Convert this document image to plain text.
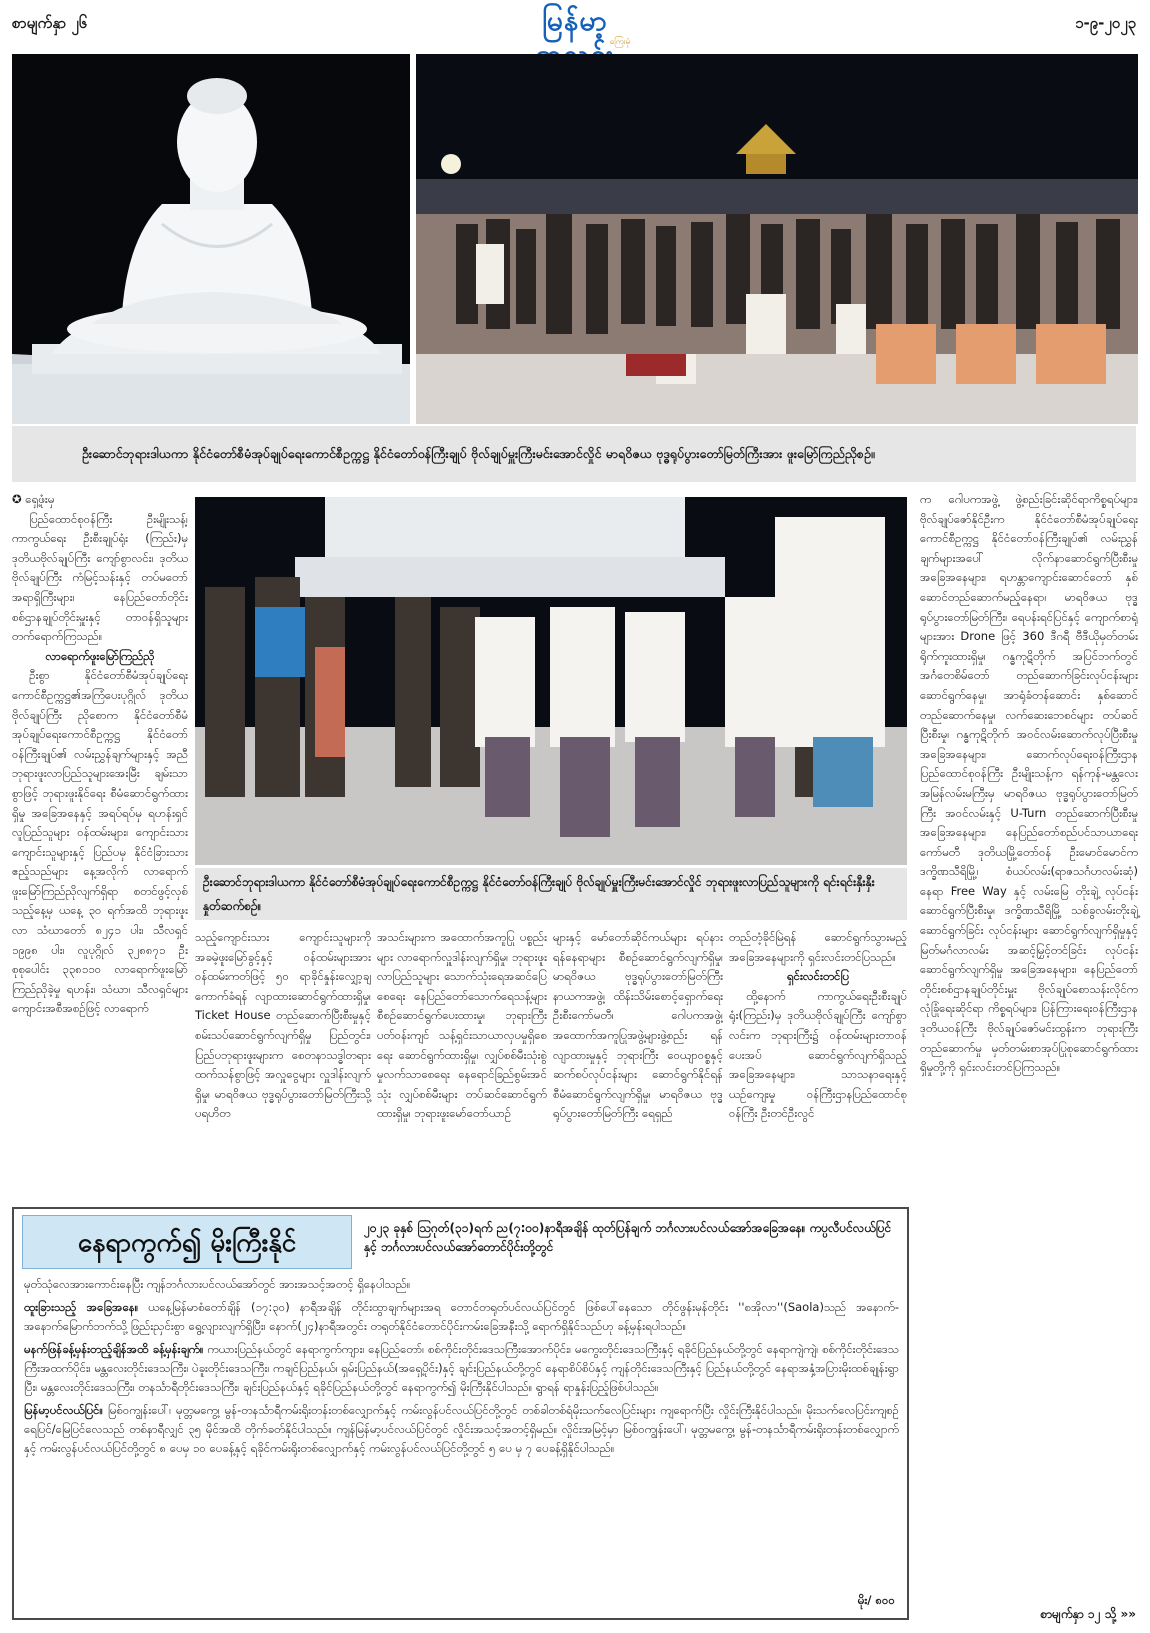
စာမျက်နှာ ၂၆	မြန်မာ့
ကြေးမုံ
၁-၉-၂၀၂၃
ဦးဆောင်ဘုရားဒါယကာ နိုင်ငံတော်စီမံအုပ်ချုပ်ရေးကောင်စီဥက္ကဋ္ဌ နိုင်ငံတော်ဝန်ကြီးချုပ် ဗိုလ်ချုပ်မှူးကြီးမင်းအောင်လှိုင် မာရဝိဇယ ဗုဒ္ဓရုပ်ပွားတော်မြတ်ကြီးအား ဖူးမြော်ကြည်ညိုစဉ်။
ဦးဆောင်ဘုရားဒါယကာ နိုင်ငံတော်စီမံအုပ်ချုပ်ရေးကောင်စီဥက္ကဋ္ဌ နိုင်ငံတော်ဝန်ကြီးချုပ် ဗိုလ်ချုပ်မှူးကြီးမင်းအောင်လှိုင် ဘုရားဖူးလာပြည်သူများကို ရင်းရင်းနှီးနှီး နှုတ်ဆက်စဉ်။

✪ ရှေ့ဖုံးမှ

ပြည်ထောင်စုဝန်ကြီး ဦးမျိုးသန့်၊ ကာကွယ်ရေး ဦးစီးချုပ်ရုံး (ကြည်း)မှ ဒုတိယဗိုလ်ချုပ်ကြီး ကျော်စွာလင်း၊ ဒုတိယဗိုလ်ချုပ်ကြီး ကံမြင့်သန်းနှင့် တပ်မတော်အရာရှိကြီးများ၊ နေပြည်တော်တိုင်းစစ်ဌာနချုပ်တိုင်းမှူးနှင့် တာဝန်ရှိသူများ တက်ရောက်ကြသည်။

လာရောက်ဖူးမြော်ကြည်ညို

ဦးစွာ နိုင်ငံတော်စီမံအုပ်ချုပ်ရေးကောင်စီဥက္ကဋ္ဌ၏အကြံပေးပုဂ္ဂိုလ် ဒုတိယဗိုလ်ချုပ်ကြီး ညိုစောက နိုင်ငံတော်စီမံအုပ်ချုပ်ရေးကောင်စီဥက္ကဋ္ဌ နိုင်ငံတော်ဝန်ကြီးချုပ်၏ လမ်းညွှန်ချက်များနှင့် အညီ ဘုရားဖူးလာပြည်သူများအေးမြီး ချမ်းသာစွာဖြင့် ဘုရားဖူးနိုင်ရေး စီမံဆောင်ရွက်ထားရှိမှု အခြေအနေနှင့် အရပ်ရပ်မှ ရဟန်းရှင်လူပြည်သူများ ဝန်ထမ်းများ၊ ကျောင်းသားကျောင်းသူများနှင့် ပြည်ပမှ နိုင်ငံခြားသား ဧည့်သည်များ နေ့အလိုက် လာရောက်ဖူးမြော်ကြည်ညိုလျက်ရှိရာ စတင်ဖွင့်လှစ်သည့်နေ့မှ ယနေ့ ၃၀ ရက်အထိ ဘုရားဖူးလာ သံဃာတော် ၈၂၄၁ ပါး၊ သီလရှင် ၁၉၉၈ ပါး၊ လူပုဂ္ဂိုလ် ၃၂၈၈၇၁ ဦး စုစုပေါင်း ၃၃၈၁၁၀ လာရောက်ဖူးမြော်ကြည်ညိုခဲ့မှု ရဟန်း၊ သံဃာ၊ သီလရှင်များ ကျောင်းအစီအစဉ်ဖြင့် လာရောက်

သည့်ကျောင်းသား ကျောင်းသူများကို အခမဲ့ဖူးမြော်ခွင့်နှင့် ဝန်ထမ်းများအား ဝန်ထမ်းကတ်ဖြင့် ၅၀ ရာခိုင်နှုန်းလျှော့ချ ကောက်ခံရန် လျာထားဆောင်ရွက်ထားရှိမှု၊ Ticket House တည်ဆောက်ပြီးစီးမှုနှင့် စမ်းသပ်ဆောင်ရွက်လျက်ရှိမှု ပြည်တွင်း၊ ပြည်ပဘုရားဖူးများက စေတနာသဒ္ဓါတရားထက်သန်စွာဖြင့် အလှူငွေများ လှူဒါန်းလျက်ရှိမှု၊ မာရဝိဇယ ဗုဒ္ဓရုပ်ပွားတော်မြတ်ကြီးသို့ ပရဟိတ

အသင်းများက အထောက်အကူပြု ပစ္စည်းများ လာရောက်လှူဒါန်းလျက်ရှိမှု၊ ဘုရားဖူးလာပြည်သူများ သောက်သုံးရေအဆင်ပြေစေရေး နေပြည်တော်သောက်ရေသန့်များ စီစဉ်ဆောင်ရွက်ပေးထားမှု၊ ဘုရားကြီးပတ်ဝန်းကျင် သန့်ရှင်းသာယာလှပမှုရှိစေရေး ဆောင်ရွက်ထားရှိမှု၊ လျှပ်စစ်မီးသုံးစွဲမှုလက်သာစေရေး နေရောင်ခြည်စွမ်းအင်သုံး လျှပ်စစ်မီးများ တပ်ဆင်ဆောင်ရွက်ထားရှိမှု၊ ဘုရားဖူးမော်တော်ယာဉ်

များနှင့် မော်တော်ဆိုင်ကယ်များ ရပ်နားရန်နေရာများ စီစဉ်ဆောင်ရွက်လျက်ရှိမှု၊ မာရဝိဇယ ဗုဒ္ဓရုပ်ပွားတော်မြတ်ကြီး နာယကအဖွဲ့၊ ထိန်းသိမ်းစောင့်ရှောက်ရေး ဦးစီးကော်မတီ၊ ဂေါပကအဖွဲ့၊ အထောက်အကူပြုအဖွဲ့များဖွဲ့စည်း ရန်လျာထားမှုနှင့် ဘုရားကြီး ဝေယျာဝစ္စနှင့် ဆက်စပ်လုပ်ငန်းများ ဆောင်ရွက်နိုင်ရန် စီမံဆောင်ရွက်လျက်ရှိမှု၊ မာရဝိဇယ ဗုဒ္ဓရုပ်ပွားတော်မြတ်ကြီး ရေရှည်

တည်တံ့ခိုင်မြဲရန် ဆောင်ရွက်သွားမည့်အခြေအနေများကို ရှင်းလင်းတင်ပြသည်။

ရှင်းလင်းတင်ပြ

ထို့နောက် ကာကွယ်ရေးဦးစီးချုပ်ရုံး(ကြည်း)မှ ဒုတိယဗိုလ်ချုပ်ကြီး ကျော်စွာလင်းက ဘုရားကြီး၌ ဝန်ထမ်းများတာဝန်ပေးအပ် ဆောင်ရွက်လျက်ရှိသည့် အခြေအနေများ၊ သာသနာရေးနှင့်ယဉ်ကျေးမှု ဝန်ကြီးဌာနပြည်ထောင်စုဝန်ကြီး ဦးတင်ဦးလွင်

က ဂေါပကအဖွဲ့ ဖွဲ့စည်းခြင်းဆိုင်ရာကိစ္စရပ်များ၊ ဗိုလ်ချုပ်ဇော်နိုင်ဦးက နိုင်ငံတော်စီမံအုပ်ချုပ်ရေးကောင်စီဥက္ကဋ္ဌ နိုင်ငံတော်ဝန်ကြီးချုပ်၏ လမ်းညွှန်ချက်များအပေါ် လိုက်နာဆောင်ရွက်ပြီးစီးမှုအခြေအနေများ၊ ရဟန္တာကျောင်းဆောင်တော် နှစ်ဆောင်တည်ဆောက်မည့်နေရာ၊ မာရဝိဇယ ဗုဒ္ဓရုပ်ပွားတော်မြတ်ကြီး၊ ရေပန်းရင်ပြင်နှင့် ကျောက်စာရုံများအား Drone ဖြင့် 360 ဒီဂရီ ဗီဒီယိုမှတ်တမ်း ရိုက်ကူးထားရှိမှု၊ ဂန္ဓကုဋိတိုက် အပြင်ဘက်တွင် အင်္ဂတေစိမ်တော် တည်ဆောက်ခြင်းလုပ်ငန်းများ ဆောင်ရွက်နေမှု၊ အာရုံခံတန်ဆောင်း နှစ်ဆောင်တည်ဆောက်နေမှု၊ လက်ဆေးဘေစင်များ တပ်ဆင်ပြီးစီးမှု၊ ဂန္ဓကုဋိတိုက် အဝင်လမ်းဆောက်လုပ်ပြီးစီးမှု အခြေအနေများ၊ ဆောက်လုပ်ရေးဝန်ကြီးဌာန ပြည်ထောင်စုဝန်ကြီး ဦးမျိုးသန့်က ရန်ကုန်-မန္တလေး အမြန်လမ်းမကြီးမှ မာရဝိဇယ ဗုဒ္ဓရုပ်ပွားတော်မြတ်ကြီး အဝင်လမ်းနှင့် U-Turn တည်ဆောက်ပြီးစီးမှု အခြေအနေများ၊ နေပြည်တော်စည်ပင်သာယာရေးကော်မတီ ဒုတိယမြို့တော်ဝန် ဦးမောင်မောင်က ဒက္ခိဏသီရိမြို့၊ စံယပ်လမ်း(ရာဇသင်္ဂဟလမ်းဆုံ) နေရာ Free Way နှင့် လမ်းမြေ တိုးချဲ့ လုပ်ငန်းဆောင်ရွက်ပြီးစီးမှု၊ ဒက္ခိဏသီရိမြို့ သစ်ခွလမ်းတိုးချဲ့ ဆောင်ရွက်ခြင်း လုပ်ငန်းများ ဆောင်ရွက်လျက်ရှိမှုနှင့် မြတ်မင်္ဂလာလမ်း အဆင့်မြှင့်တင်ခြင်း လုပ်ငန်း ဆောင်ရွက်လျက်ရှိမှု အခြေအနေများ၊ နေပြည်တော်တိုင်းစစ်ဌာနချုပ်တိုင်းမှူး ဗိုလ်ချုပ်စောသန်းလိုင်က လုံခြုံရေးဆိုင်ရာ ကိစ္စရပ်များ၊ ပြန်ကြားရေးဝန်ကြီးဌာန ဒုတိယဝန်ကြီး ဗိုလ်ချုပ်ဇော်မင်းထွန်းက ဘုရားကြီးတည်ဆောက်မှု မှတ်တမ်းစာအုပ်ပြုစုဆောင်ရွက်ထားရှိမှုတို့ကို ရှင်းလင်းတင်ပြကြသည်။

နေရာကွက်၍ မိုးကြီးနိုင်	၂၀၂၃ ခုနှစ် ဩဂုတ်(၃၁)ရက် ည(၇:၀၀)နာရီအချိန် ထုတ်ပြန်ချက် ဘင်္ဂလားပင်လယ်အော်အခြေအနေ။ ကပ္ပလီပင်လယ်ပြင်နှင့် ဘင်္ဂလားပင်လယ်အော်တောင်ပိုင်းတို့တွင်

မုတ်သုံလေအားကောင်းနေပြီး ကျန်ဘင်္ဂလားပင်လယ်အော်တွင် အားအသင့်အတင့် ရှိနေပါသည်။

ထူးခြားသည့် အခြေအနေ။ ယနေ့မြန်မာစံတော်ချိန် (၁၇:၃၀) နာရီအချိန် တိုင်းထွာချက်များအရ တောင်တရုတ်ပင်လယ်ပြင်တွင် ဖြစ်ပေါ်နေသော တိုင်ဖွန်းမုန်တိုင်း ''စအိုလာ''(Saola)သည် အနောက်- အနောက်မြောက်ဘက်သို့ ဖြည်းညှင်းစွာ ရွေ့လျားလျက်ရှိပြီး၊ နောက်(၂၄)နာရီအတွင်း တရုတ်နိုင်ငံတောင်ပိုင်းကမ်းခြေအနီးသို့ ရောက်ရှိနိုင်သည်ဟု ခန့်မှန်းရပါသည်။

မနက်ဖြန်ခန့်မှန်းတည့်ချိန်အထိ ခန့်မှန်းချက်။ ကယားပြည်နယ်တွင် နေရာကွက်ကျား၊ နေပြည်တော်၊ စစ်ကိုင်းတိုင်းဒေသကြီးအောက်ပိုင်း၊ မကွေးတိုင်းဒေသကြီးနှင့် ရခိုင်ပြည်နယ်တို့တွင် နေရာကျဲကျဲ၊ စစ်ကိုင်းတိုင်းဒေသကြီးအထက်ပိုင်း၊ မန္တလေးတိုင်းဒေသကြီး၊ ပဲခူးတိုင်းဒေသကြီး၊ ကချင်ပြည်နယ်၊ ရှမ်းပြည်နယ်(အရှေ့ပိုင်း)နှင့် ချင်းပြည်နယ်တို့တွင် နေရာစိပ်စိပ်နှင့် ကျန်တိုင်းဒေသကြီးနှင့် ပြည်နယ်တို့တွင် နေရာအနှံ့အပြားမိုးထစ်ချုန်းရွာပြီး၊ မန္တလေးတိုင်းဒေသကြီး၊ တနင်္သာရီတိုင်းဒေသကြီး၊ ချင်းပြည်နယ်နှင့် ရခိုင်ပြည်နယ်တို့တွင် နေရာကွက်၍ မိုးကြီးနိုင်ပါသည်။ ရွာရန် ရာနှုန်းပြည့်ဖြစ်ပါသည်။

မြန်မာ့ပင်လယ်ပြင်။ မြစ်ဝကျွန်းပေါ်၊ မုတ္တမကွေ့၊ မွန်-တနင်္သာရီကမ်းရိုးတန်းတစ်လျှောက်နှင့် ကမ်းလွန်ပင်လယ်ပြင်တို့တွင် တစ်ခါတစ်ရံမိုးသက်လေပြင်းများ ကျရောက်ပြီး လှိုင်းကြီးနိုင်ပါသည်။ မိုးသက်လေပြင်းကျစဉ် ရေပြင်/မြေပြင်လေသည် တစ်နာရီလျှင် ၃၅ မိုင်အထိ တိုက်ခတ်နိုင်ပါသည်။ ကျန်မြန်မာ့ပင်လယ်ပြင်တွင် လှိုင်းအသင့်အတင့်ရှိမည်။ လှိုင်းအမြင့်မှာ မြစ်ဝကျွန်းပေါ်၊ မုတ္တမကွေ့၊ မွန်-တနင်္သာရီကမ်းရိုးတန်းတစ်လျှောက်နှင့် ကမ်းလွန်ပင်လယ်ပြင်တို့တွင် ၈ ပေမှ ၁၀ ပေခန့်နှင့် ရခိုင်ကမ်းရိုးတစ်လျှောက်နှင့် ကမ်းလွန်ပင်လယ်ပြင်တို့တွင် ၅ ပေ မှ ၇ ပေခန့်ရှိနိုင်ပါသည်။

မိုး/ ၈၀၀
စာမျက်နှာ ၁၂ သို့ »»
